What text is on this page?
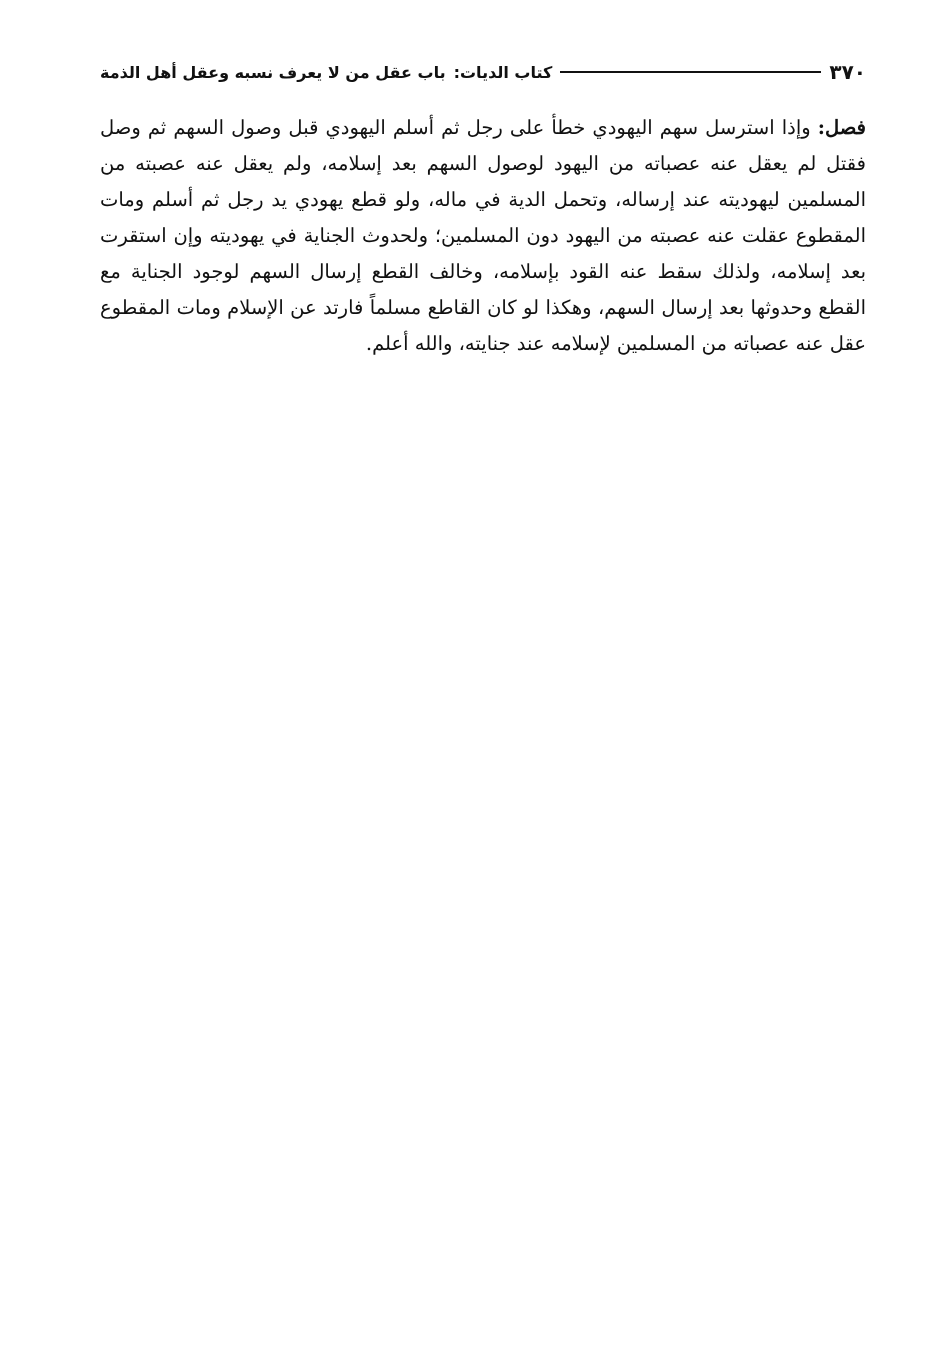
٣٧٠
كتاب الديات:
باب عقل من لا يعرف نسبه وعقل أهل الذمة
فصل: وإذا استرسل سهم اليهودي خطأ على رجل ثم أسلم اليهودي قبل وصول السهم ثم وصل فقتل لم يعقل عنه عصباته من اليهود لوصول السهم بعد إسلامه، ولم يعقل عنه عصبته من المسلمين ليهوديته عند إرساله، وتحمل الدية في ماله، ولو قطع يهودي يد رجل ثم أسلم ومات المقطوع عقلت عنه عصبته من اليهود دون المسلمين؛ ولحدوث الجناية في يهوديته وإن استقرت بعد إسلامه، ولذلك سقط عنه القود بإسلامه، وخالف القطع إرسال السهم لوجود الجناية مع القطع وحدوثها بعد إرسال السهم، وهكذا لو كان القاطع مسلماً فارتد عن الإسلام ومات المقطوع عقل عنه عصباته من المسلمين لإسلامه عند جنايته، والله أعلم.
